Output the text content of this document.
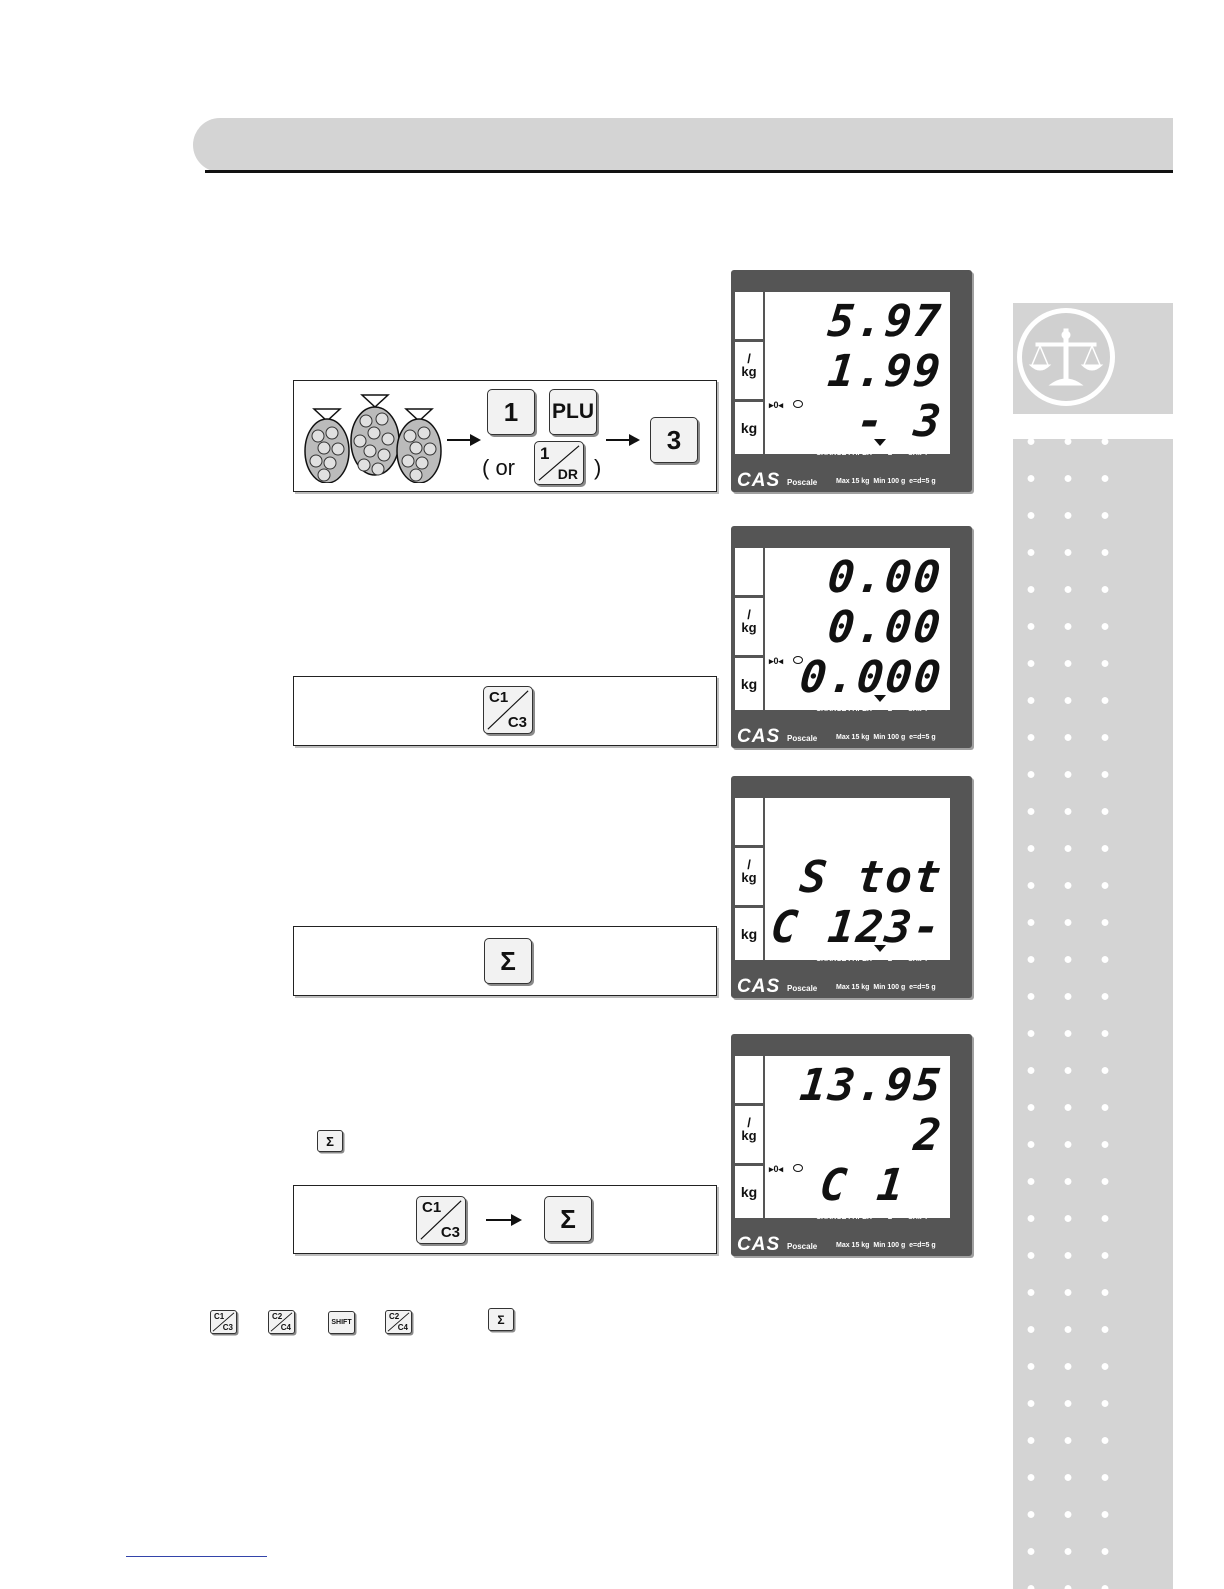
1	PLU
( or
1
DR )
3
/
kg
kg
5.97
1.99
- 3
▸0◂
CHARGE PAPER Σ SHIFT
CAS Poscale	Max 15 kg Min 100 g e=d=5 g
C1
C3
/
kg
kg
0.00
0.00
0.000
▸0◂
CHARGE PAPER Σ SHIFT
CAS Poscale	Max 15 kg Min 100 g e=d=5 g
Σ
/
kg
kg
S tot
C 123-
CHARGE PAPER Σ SHIFT
CAS Poscale	Max 15 kg Min 100 g e=d=5 g
Σ
C1
C3	Σ
/
kg
kg
13.95
2
C 1
▸0◂
CHARGE PAPER Σ SHIFT
CAS Poscale	Max 15 kg Min 100 g e=d=5 g
C1
C3
C2
C4
SHIFT
C2
C4
Σ
